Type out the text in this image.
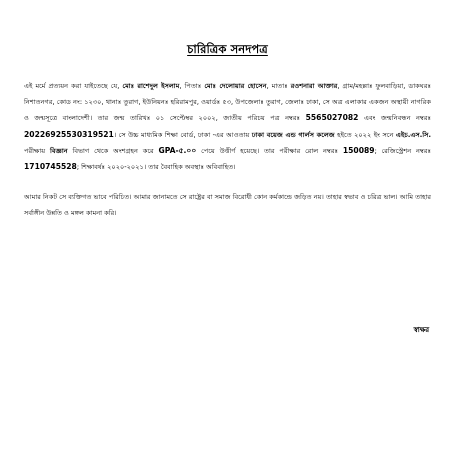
চারিত্রিক সনদপত্র

এই মর্মে প্রত্যয়ন করা যাইতেছে যে, মোঃ রাশেদুল ইসলাম, পিতাঃ মোঃ দেলোয়ার হোসেন, মাতাঃ রওশনারা আক্তার, গ্রাম/মহল্লাঃ ফুলবাড়িয়া, ডাকঘরঃ নিশাতনগর, কোড নং: ১২৩০, থানাঃ তুরাগ, ইউনিয়নঃ হরিরামপুর, ওয়ার্ডঃ ৫৩, উপজেলাঃ তুরাগ, জেলাঃ ঢাকা, সে অত্র এলাকার একজন অস্থায়ী নাগরিক ও জন্মসূত্রে বাংলাদেশী। তার জন্ম তারিখঃ ০১ সেপ্টেম্বর ২০০২, জাতীয় পরিচয় পত্র নম্বরঃ 5565027082 এবং জন্মনিবন্ধন নম্বরঃ 20226925530319521। সে উচ্চ মাধ্যমিক শিক্ষা বোর্ড, ঢাকা -এর আওতায় ঢাকা বয়েজ এন্ড গার্লস কলেজ হইতে ২০২২ ইং সনে এইচ.এস.সি. পরীক্ষায় বিজ্ঞান বিভাগ থেকে অংশগ্রহন করে GPA-৫.০০ পেয়ে উত্তীর্ণ হয়েছে। তার পরীক্ষার রোল নম্বরঃ 150089; রেজিস্ট্রেশন নম্বরঃ 1710745528; শিক্ষাবর্ষঃ ২০২০-২০২১। তার বৈবাহিক অবস্থাঃ অবিবাহিত।

আমার নিকট সে ব্যক্তিগত ভাবে পরিচিত। আমার জানামতে সে রাষ্ট্রের বা সমাজ বিরোধী কোন কর্মকান্ডে জড়িত নয়। তাহার স্বভাব ও চরিত্র ভাল। আমি তাহার সর্বাঙ্গীন উন্নতি ও মঙ্গল কামনা করি।

স্বাক্ষর
